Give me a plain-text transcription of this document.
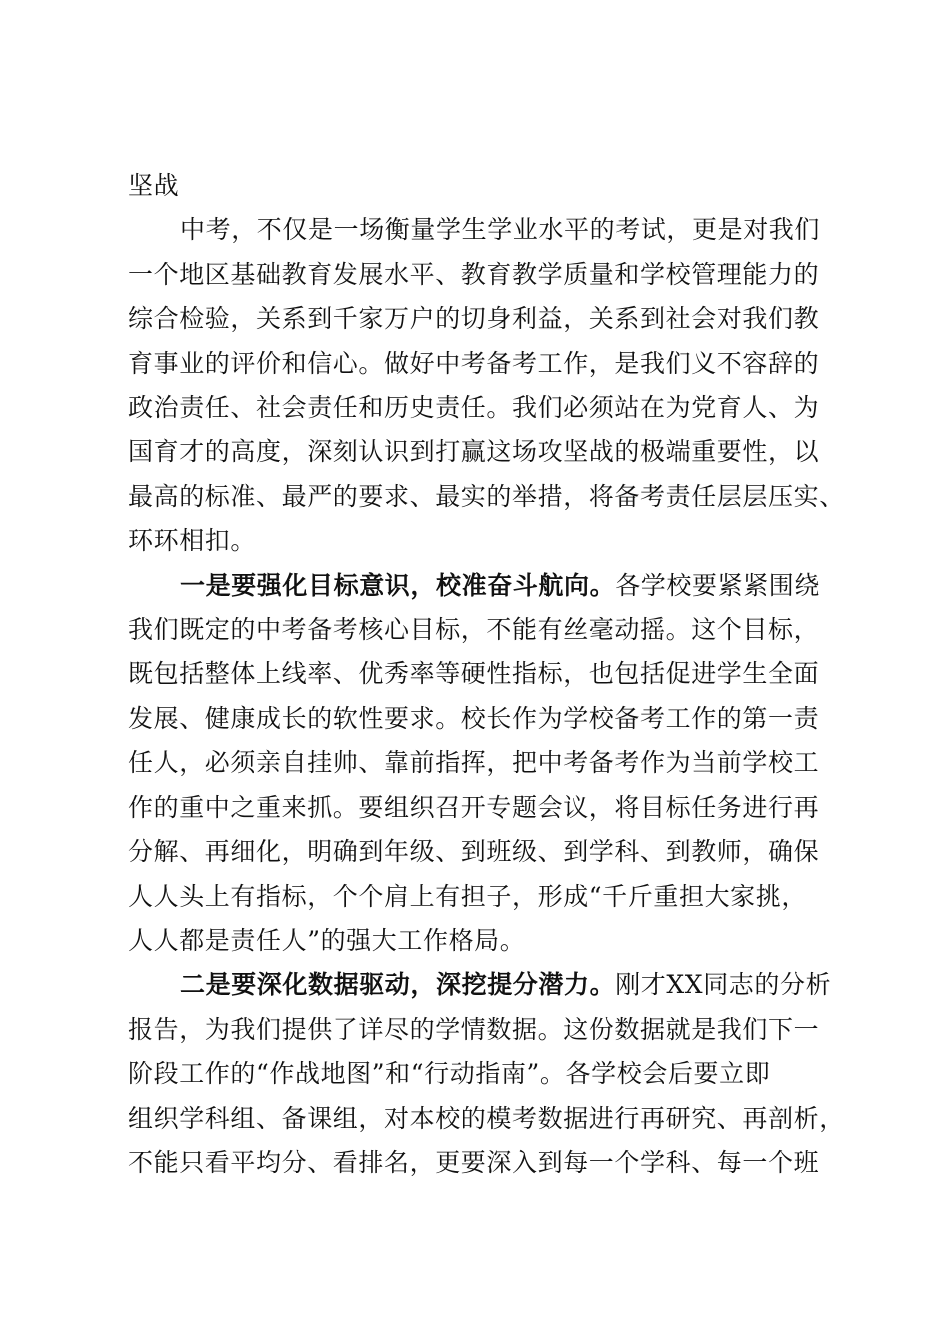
坚战

中考，不仅是一场衡量学生学业水平的考试，更是对我们
一个地区基础教育发展水平、教育教学质量和学校管理能力的
综合检验，关系到千家万户的切身利益，关系到社会对我们教
育事业的评价和信心。做好中考备考工作，是我们义不容辞的
政治责任、社会责任和历史责任。我们必须站在为党育人、为
国育才的高度，深刻认识到打赢这场攻坚战的极端重要性，以
最高的标准、最严的要求、最实的举措，将备考责任层层压实、
环环相扣。

一是要强化目标意识，校准奋斗航向。各学校要紧紧围绕
我们既定的中考备考核心目标，不能有丝毫动摇。这个目标，
既包括整体上线率、优秀率等硬性指标，也包括促进学生全面
发展、健康成长的软性要求。校长作为学校备考工作的第一责
任人，必须亲自挂帅、靠前指挥，把中考备考作为当前学校工
作的重中之重来抓。要组织召开专题会议，将目标任务进行再
分解、再细化，明确到年级、到班级、到学科、到教师，确保
人人头上有指标，个个肩上有担子，形成“千斤重担大家挑，
人人都是责任人”的强大工作格局。

二是要深化数据驱动，深挖提分潜力。刚才XX同志的分析
报告，为我们提供了详尽的学情数据。这份数据就是我们下一
阶段工作的“作战地图”和“行动指南”。各学校会后要立即
组织学科组、备课组，对本校的模考数据进行再研究、再剖析，
不能只看平均分、看排名，更要深入到每一个学科、每一个班
